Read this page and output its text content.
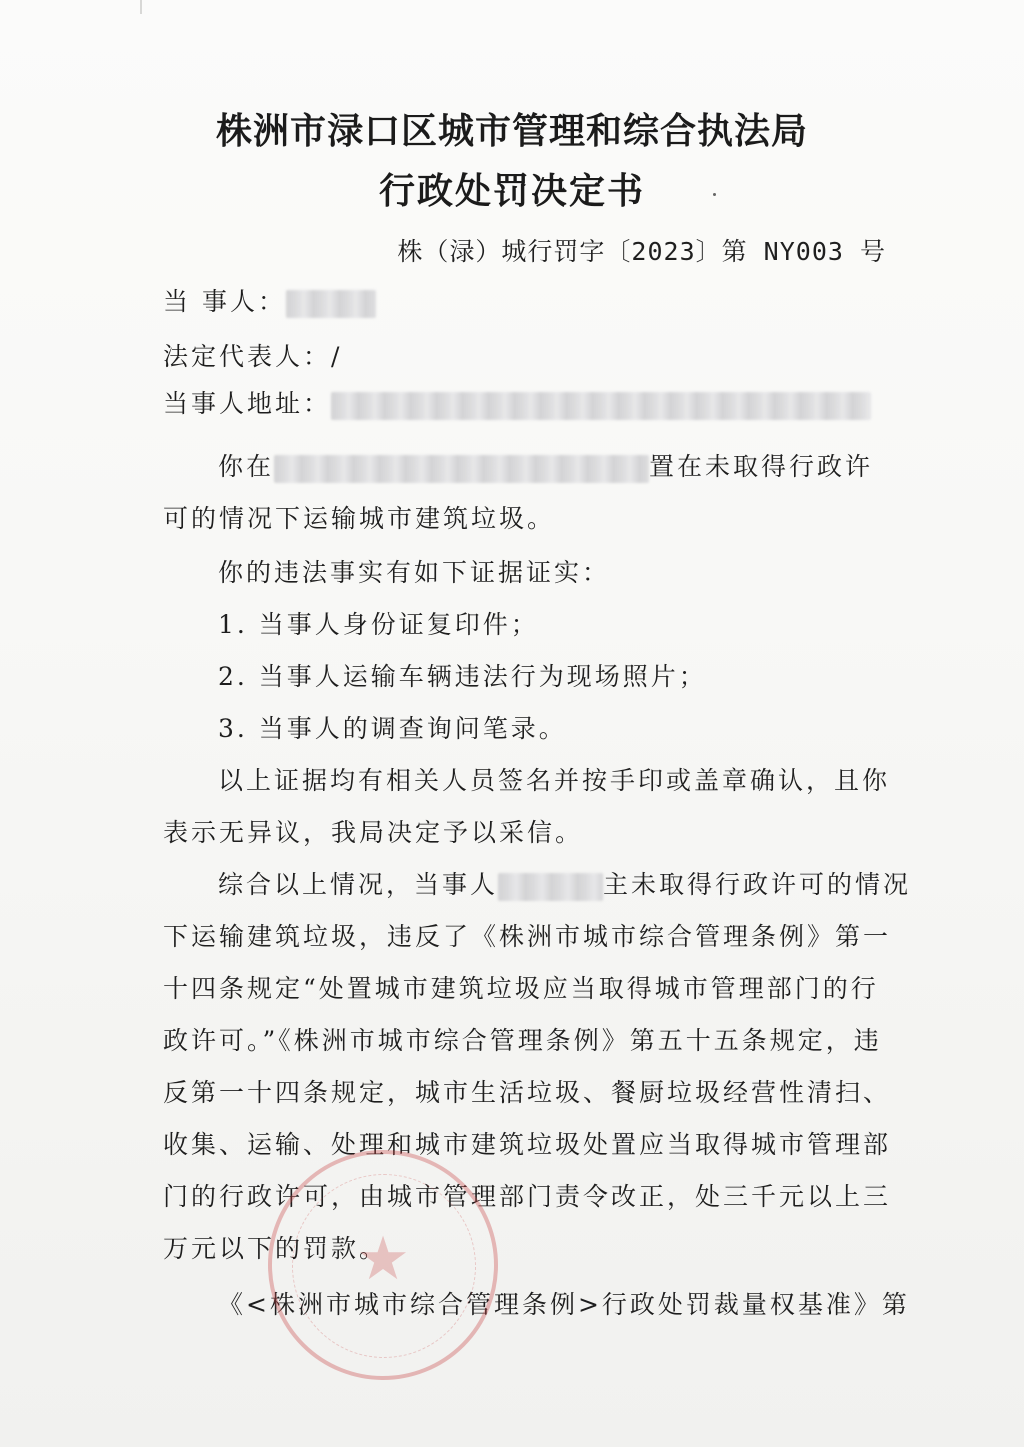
株洲市渌口区城市管理和综合执法局
行政处罚决定书
株（渌）城行罚字〔2023〕第 NY003 号
当 事人：
法定代表人：/
当事人地址：
你在	置在未取得行政许
可的情况下运输城市建筑垃圾。
你的违法事实有如下证据证实：
1. 当事人身份证复印件；
2. 当事人运输车辆违法行为现场照片；
3. 当事人的调查询问笔录。
以上证据均有相关人员签名并按手印或盖章确认，且你
表示无异议，我局决定予以采信。
综合以上情况，当事人	主未取得行政许可的情况
下运输建筑垃圾，违反了《株洲市城市综合管理条例》第一
十四条规定“处置城市建筑垃圾应当取得城市管理部门的行
政许可。”《株洲市城市综合管理条例》第五十五条规定，违
反第一十四条规定，城市生活垃圾、餐厨垃圾经营性清扫、
收集、运输、处理和城市建筑垃圾处置应当取得城市管理部
门的行政许可，由城市管理部门责令改正，处三千元以上三
万元以下的罚款。
《<株洲市城市综合管理条例>行政处罚裁量权基准》第
★
